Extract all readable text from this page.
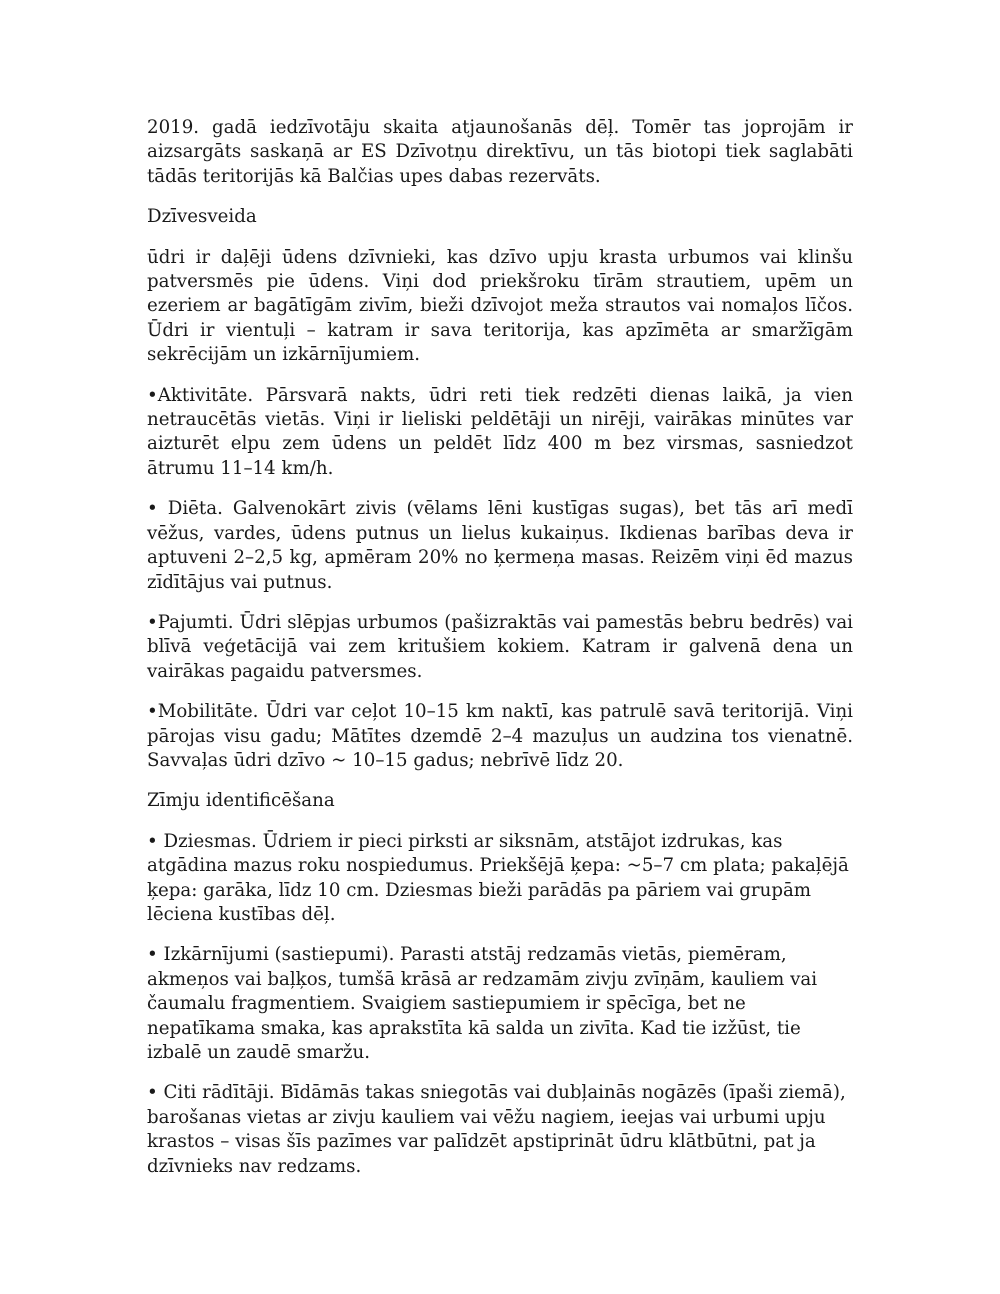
2019. gadā iedzīvotāju skaita atjaunošanās dēļ. Tomēr tas joprojām ir aizsargāts saskaņā ar ES Dzīvotņu direktīvu, un tās biotopi tiek saglabāti tādās teritorijās kā Balčias upes dabas rezervāts.

Dzīvesveida

ūdri ir daļēji ūdens dzīvnieki, kas dzīvo upju krasta urbumos vai klinšu patversmēs pie ūdens. Viņi dod priekšroku tīrām strautiem, upēm un ezeriem ar bagātīgām zivīm, bieži dzīvojot meža strautos vai nomaļos līčos. Ūdri ir vientuļi – katram ir sava teritorija, kas apzīmēta ar smaržīgām sekrēcijām un izkārnījumiem.

•Aktivitāte. Pārsvarā nakts, ūdri reti tiek redzēti dienas laikā, ja vien netraucētās vietās. Viņi ir lieliski peldētāji un nirēji, vairākas minūtes var aizturēt elpu zem ūdens un peldēt līdz 400 m bez virsmas, sasniedzot ātrumu 11–14 km/h.

• Diēta. Galvenokārt zivis (vēlams lēni kustīgas sugas), bet tās arī medī vēžus, vardes, ūdens putnus un lielus kukaiņus. Ikdienas barības deva ir aptuveni 2–2,5 kg, apmēram 20% no ķermeņa masas. Reizēm viņi ēd mazus zīdītājus vai putnus.

•Pajumti. Ūdri slēpjas urbumos (pašizraktās vai pamestās bebru bedrēs) vai blīvā veģetācijā vai zem kritušiem kokiem. Katram ir galvenā dena un vairākas pagaidu patversmes.

•Mobilitāte. Ūdri var ceļot 10–15 km naktī, kas patrulē savā teritorijā. Viņi pārojas visu gadu; Mātītes dzemdē 2–4 mazuļus un audzina tos vienatnē. Savvaļas ūdri dzīvo ~ 10–15 gadus; nebrīvē līdz 20.

Zīmju identificēšana

• Dziesmas. Ūdriem ir pieci pirksti ar siksnām, atstājot izdrukas, kas atgādina mazus roku nospiedumus. Priekšējā ķepa: ~5–7 cm plata; pakaļējā ķepa: garāka, līdz 10 cm. Dziesmas bieži parādās pa pāriem vai grupām lēciena kustības dēļ.

• Izkārnījumi (sastiepumi). Parasti atstāj redzamās vietās, piemēram, akmeņos vai baļķos, tumšā krāsā ar redzamām zivju zvīņām, kauliem vai čaumalu fragmentiem. Svaigiem sastiepumiem ir spēcīga, bet ne nepatīkama smaka, kas aprakstīta kā salda un zivīta. Kad tie izžūst, tie izbalē un zaudē smaržu.

• Citi rādītāji. Bīdāmās takas sniegotās vai dubļainās nogāzēs (īpaši ziemā), barošanas vietas ar zivju kauliem vai vēžu nagiem, ieejas vai urbumi upju krastos – visas šīs pazīmes var palīdzēt apstiprināt ūdru klātbūtni, pat ja dzīvnieks nav redzams.
